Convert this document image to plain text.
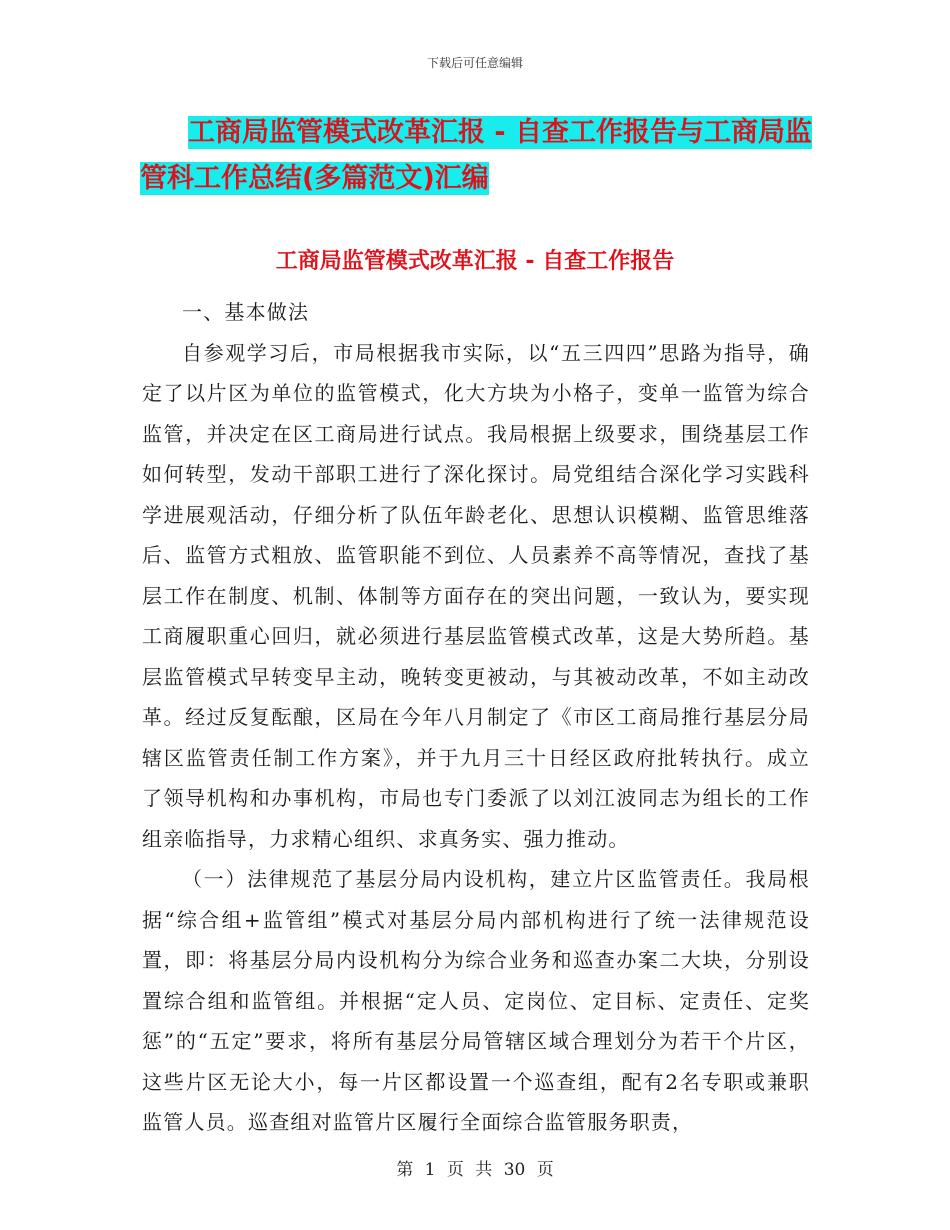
下载后可任意编辑
工商局监管模式改革汇报 - 自查工作报告与工商局监
管科工作总结(多篇范文)汇编
工商局监管模式改革汇报 - 自查工作报告

一、基本做法

自参观学习后，市局根据我市实际，以“五三四四”思路为指导，确定了以片区为单位的监管模式，化大方块为小格子，变单一监管为综合监管，并决定在区工商局进行试点。我局根据上级要求，围绕基层工作如何转型，发动干部职工进行了深化探讨。局党组结合深化学习实践科学进展观活动，仔细分析了队伍年龄老化、思想认识模糊、监管思维落后、监管方式粗放、监管职能不到位、人员素养不高等情况，查找了基层工作在制度、机制、体制等方面存在的突出问题，一致认为，要实现工商履职重心回归，就必须进行基层监管模式改革，这是大势所趋。基层监管模式早转变早主动，晚转变更被动，与其被动改革，不如主动改革。经过反复酝酿，区局在今年八月制定了《市区工商局推行基层分局辖区监管责任制工作方案》，并于九月三十日经区政府批转执行。成立了领导机构和办事机构，市局也专门委派了以刘江波同志为组长的工作组亲临指导，力求精心组织、求真务实、强力推动。

（一）法律规范了基层分局内设机构，建立片区监管责任。我局根据“综合组+监管组”模式对基层分局内部机构进行了统一法律规范设置，即：将基层分局内设机构分为综合业务和巡查办案二大块，分别设置综合组和监管组。并根据“定人员、定岗位、定目标、定责任、定奖惩”的“五定”要求，将所有基层分局管辖区域合理划分为若干个片区，这些片区无论大小，每一片区都设置一个巡查组，配有2名专职或兼职监管人员。巡查组对监管片区履行全面综合监管服务职责，

第 1 页 共 30 页
